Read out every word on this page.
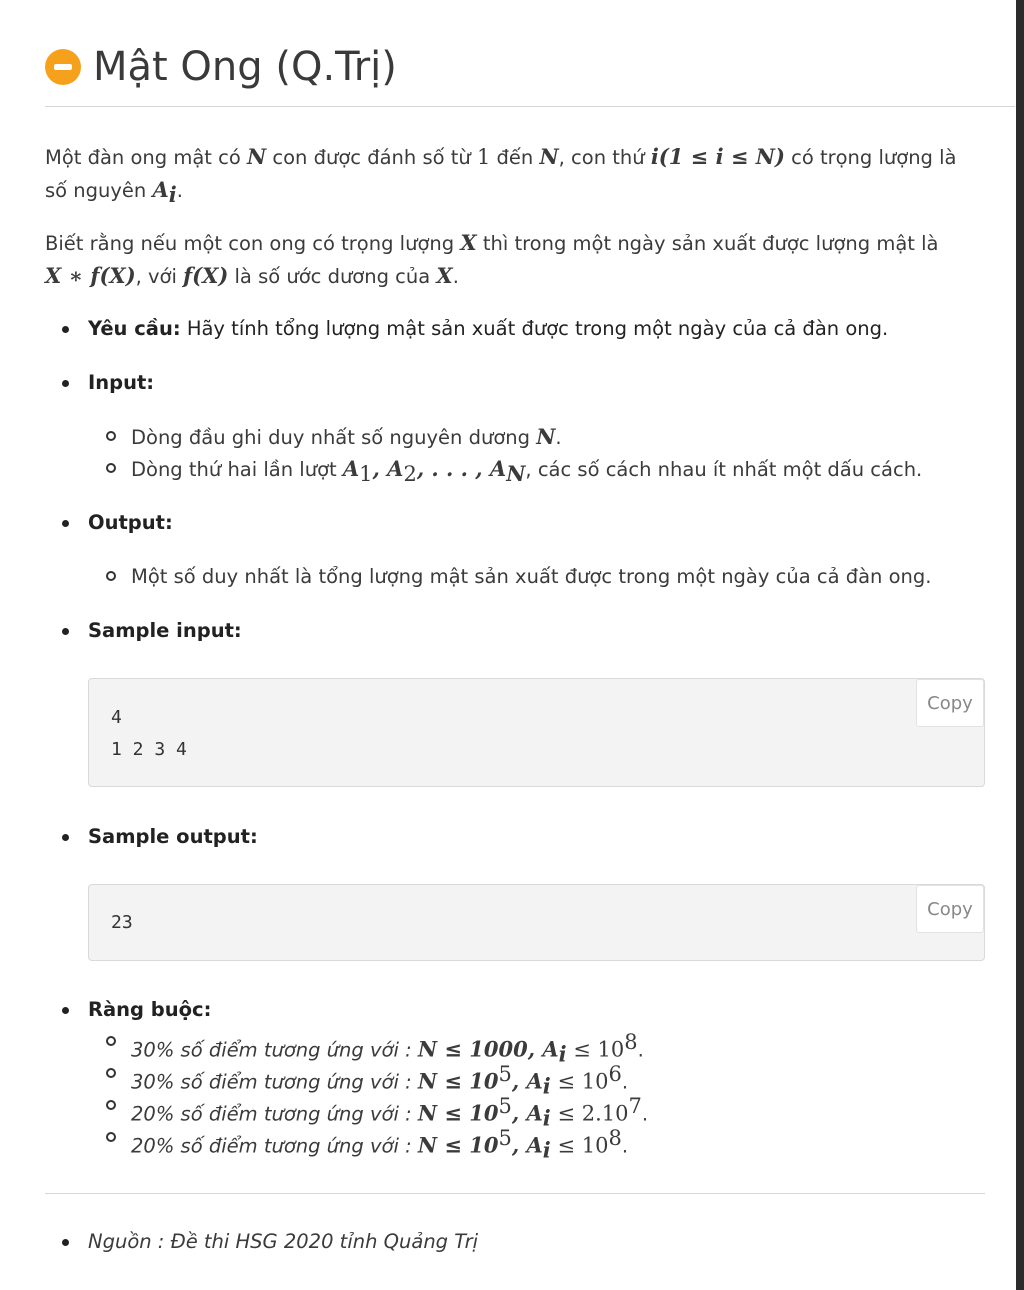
Mật Ong (Q.Trị)
Một đàn ong mật có N con được đánh số từ 1 đến N, con thứ i(1 ≤ i ≤ N) có trọng lượng là
số nguyên $A_i$.
Biết rằng nếu một con ong có trọng lượng X thì trong một ngày sản xuất được lượng mật là
X ∗ f(X), với f(X) là số ước dương của X.
Yêu cầu: Hãy tính tổng lượng mật sản xuất được trong một ngày của cả đàn ong.
Input:
Dòng đầu ghi duy nhất số nguyên dương N.
Dòng thứ hai lần lượt $A_1$, $A_2$, . . . , $A_N$, các số cách nhau ít nhất một dấu cách.
Output:
Một số duy nhất là tổng lượng mật sản xuất được trong một ngày của cả đàn ong.
Sample input:
4
1 2 3 4
Copy
Sample output:
23
Copy
Ràng buộc:
30% số điểm tương ứng với : N ≤ 1000, $A_i \le 10^8$.
30% số điểm tương ứng với : $N \le 10^5$, $A_i \le 10^6$.
20% số điểm tương ứng với : $N \le 10^5$, $A_i \le 2.10^7$.
20% số điểm tương ứng với : $N \le 10^5$, $A_i \le 10^8$.
Nguồn : Đề thi HSG 2020 tỉnh Quảng Trị
